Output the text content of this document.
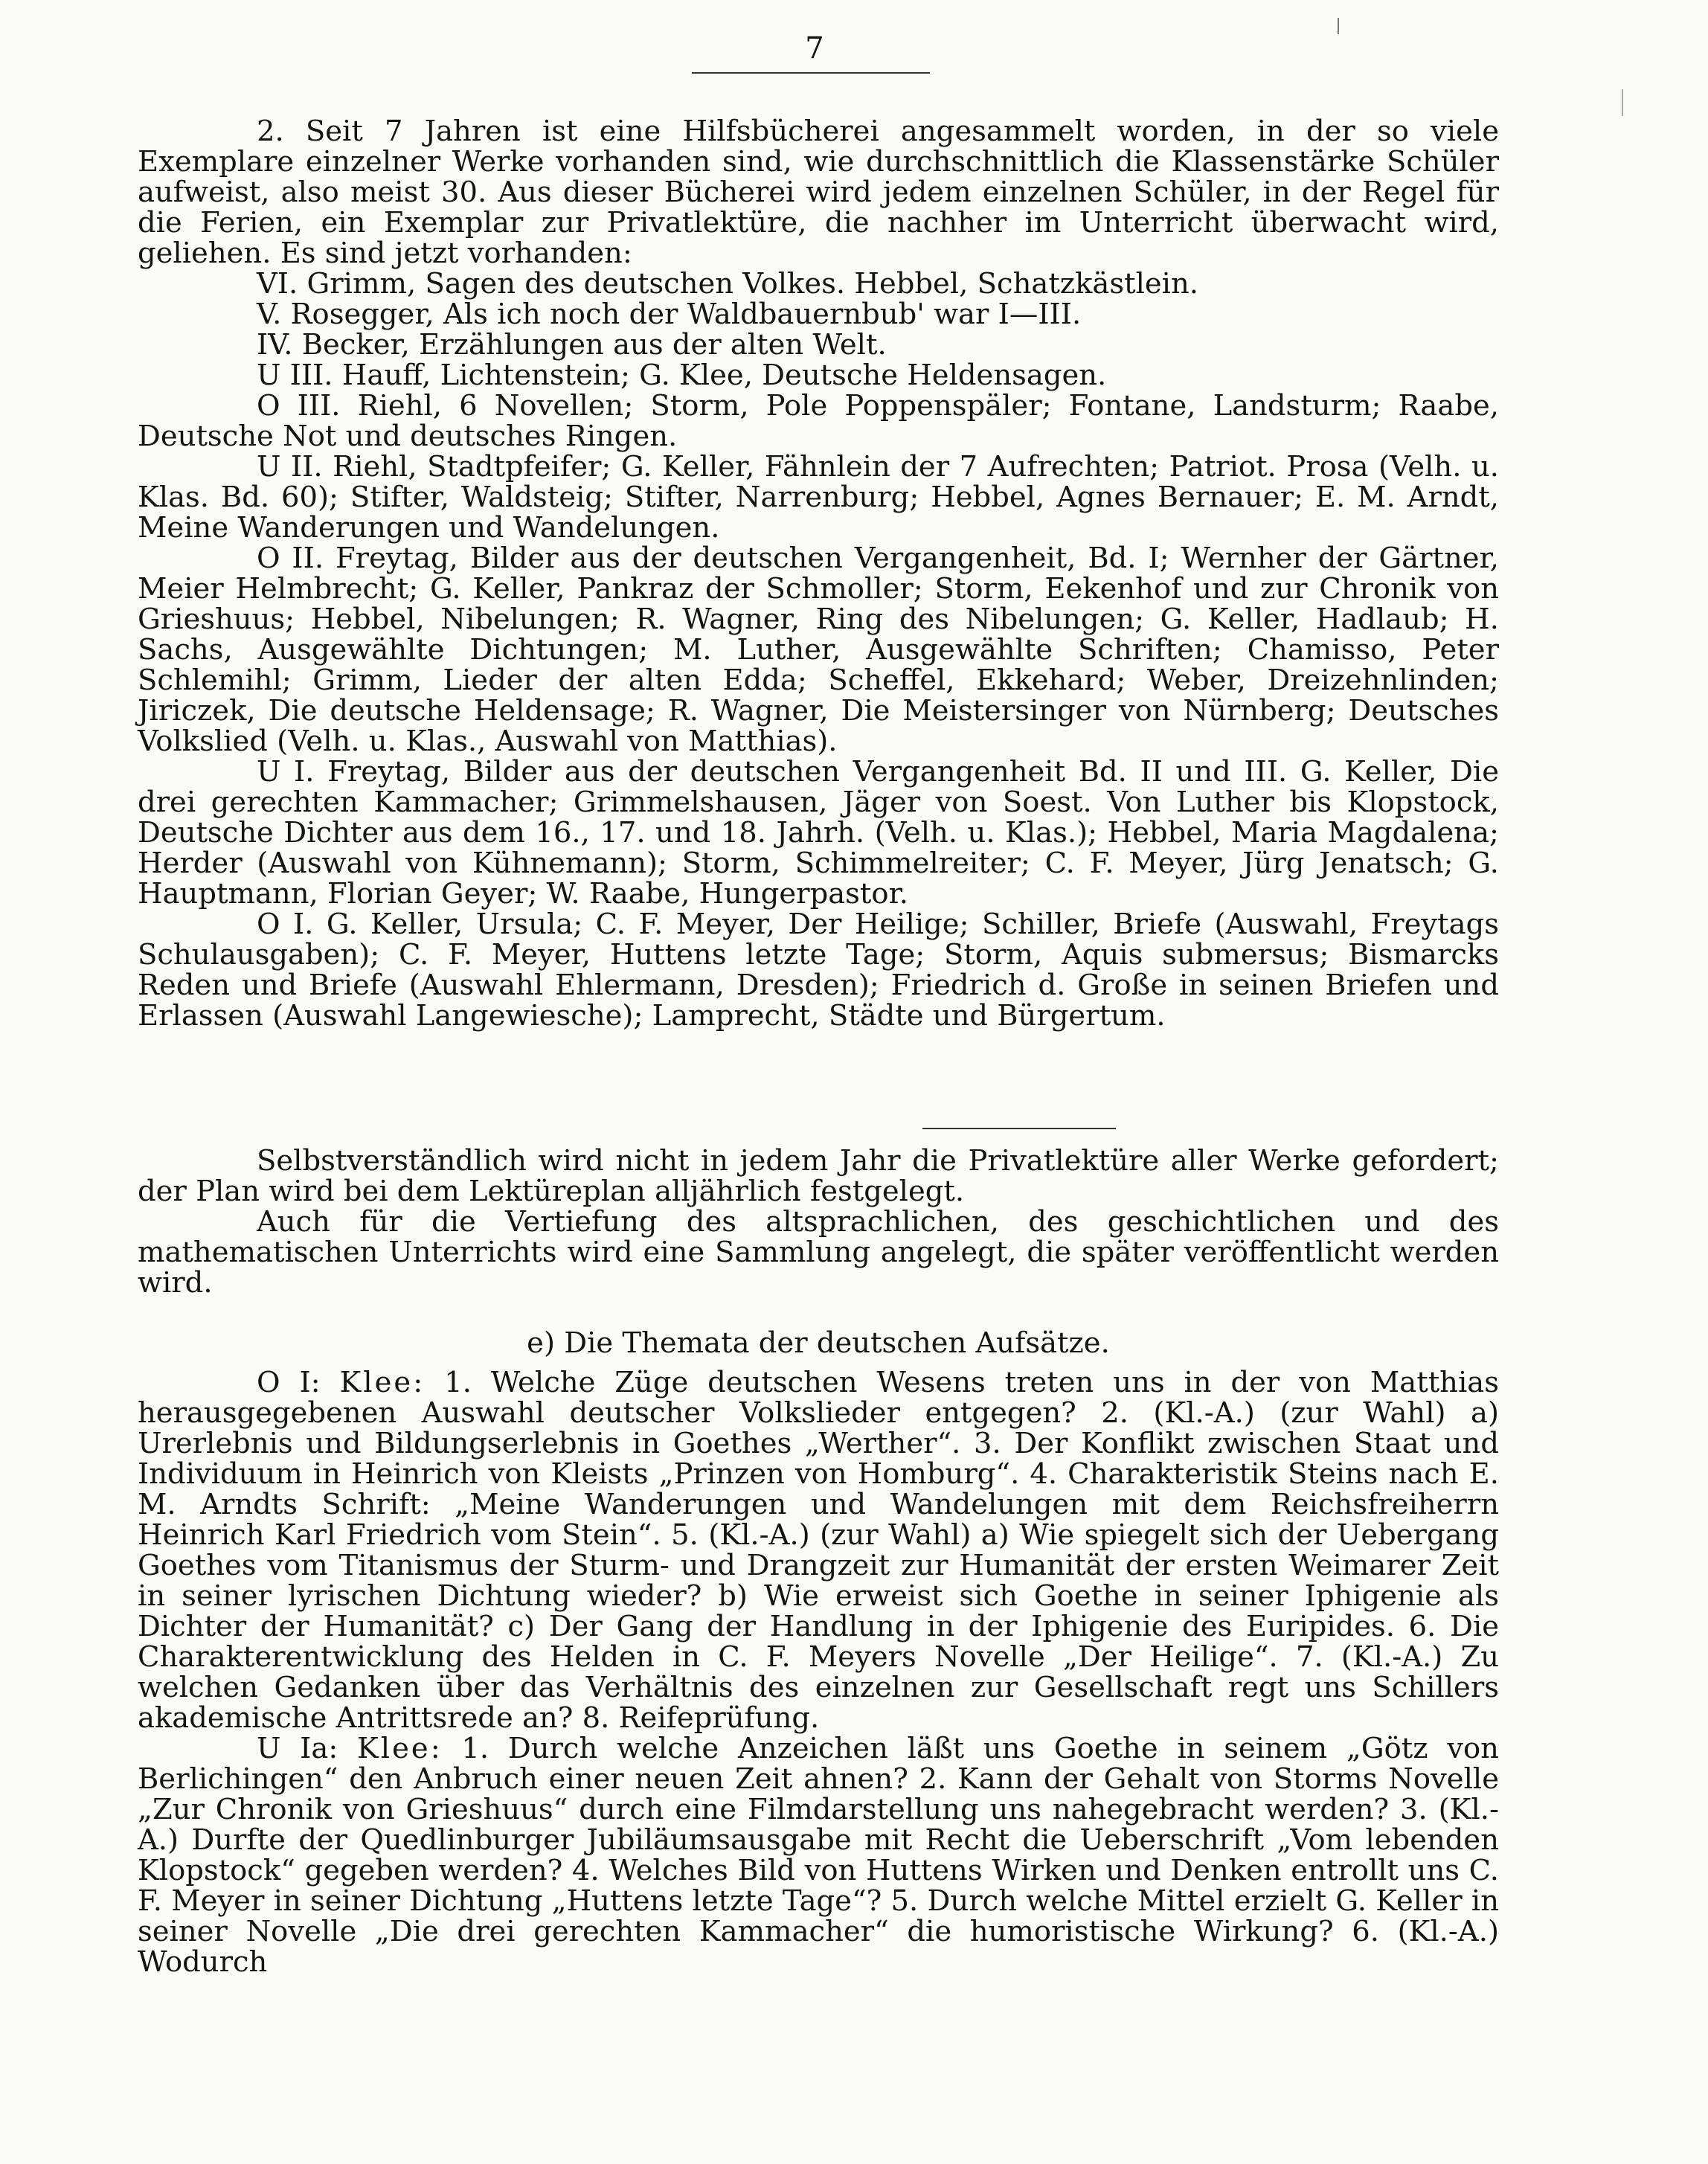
7

2. Seit 7 Jahren ist eine Hilfsbücherei angesammelt worden, in der so viele Exemplare einzelner Werke vorhanden sind, wie durchschnittlich die Klassenstärke Schüler aufweist, also meist 30. Aus dieser Bücherei wird jedem einzelnen Schüler, in der Regel für die Ferien, ein Exemplar zur Privatlektüre, die nachher im Unterricht überwacht wird, geliehen. Es sind jetzt vorhanden:

VI. Grimm, Sagen des deutschen Volkes. Hebbel, Schatzkästlein.

V. Rosegger, Als ich noch der Waldbauernbub' war I—III.

IV. Becker, Erzählungen aus der alten Welt.

U III. Hauff, Lichtenstein; G. Klee, Deutsche Heldensagen.

O III. Riehl, 6 Novellen; Storm, Pole Poppenspäler; Fontane, Landsturm; Raabe, Deutsche Not und deutsches Ringen.

U II. Riehl, Stadtpfeifer; G. Keller, Fähnlein der 7 Aufrechten; Patriot. Prosa (Velh. u. Klas. Bd. 60); Stifter, Waldsteig; Stifter, Narrenburg; Hebbel, Agnes Bernauer; E. M. Arndt, Meine Wanderungen und Wandelungen.

O II. Freytag, Bilder aus der deutschen Vergangenheit, Bd. I; Wernher der Gärtner, Meier Helmbrecht; G. Keller, Pankraz der Schmoller; Storm, Eekenhof und zur Chronik von Grieshuus; Hebbel, Nibelungen; R. Wagner, Ring des Nibelungen; G. Keller, Hadlaub; H. Sachs, Ausgewählte Dichtungen; M. Luther, Ausgewählte Schriften; Chamisso, Peter Schlemihl; Grimm, Lieder der alten Edda; Scheffel, Ekkehard; Weber, Dreizehnlinden; Jiriczek, Die deutsche Heldensage; R. Wagner, Die Meistersinger von Nürnberg; Deutsches Volkslied (Velh. u. Klas., Auswahl von Matthias).

U I. Freytag, Bilder aus der deutschen Vergangenheit Bd. II und III. G. Keller, Die drei gerechten Kammacher; Grimmelshausen, Jäger von Soest. Von Luther bis Klopstock, Deutsche Dichter aus dem 16., 17. und 18. Jahrh. (Velh. u. Klas.); Hebbel, Maria Magdalena; Herder (Auswahl von Kühnemann); Storm, Schimmelreiter; C. F. Meyer, Jürg Jenatsch; G. Hauptmann, Florian Geyer; W. Raabe, Hungerpastor.

O I. G. Keller, Ursula; C. F. Meyer, Der Heilige; Schiller, Briefe (Auswahl, Freytags Schulausgaben); C. F. Meyer, Huttens letzte Tage; Storm, Aquis submersus; Bismarcks Reden und Briefe (Auswahl Ehlermann, Dresden); Friedrich d. Große in seinen Briefen und Erlassen (Auswahl Langewiesche); Lamprecht, Städte und Bürgertum.

Selbstverständlich wird nicht in jedem Jahr die Privatlektüre aller Werke gefordert; der Plan wird bei dem Lektüreplan alljährlich festgelegt.

Auch für die Vertiefung des altsprachlichen, des geschichtlichen und des mathematischen Unterrichts wird eine Sammlung angelegt, die später veröffentlicht werden wird.

e) Die Themata der deutschen Aufsätze.

O I: Klee: 1. Welche Züge deutschen Wesens treten uns in der von Matthias herausgegebenen Auswahl deutscher Volkslieder entgegen? 2. (Kl.-A.) (zur Wahl) a) Urerlebnis und Bildungserlebnis in Goethes „Werther“. 3. Der Konflikt zwischen Staat und Individuum in Heinrich von Kleists „Prinzen von Homburg“. 4. Charakteristik Steins nach E. M. Arndts Schrift: „Meine Wanderungen und Wandelungen mit dem Reichsfreiherrn Heinrich Karl Friedrich vom Stein“. 5. (Kl.-A.) (zur Wahl) a) Wie spiegelt sich der Uebergang Goethes vom Titanismus der Sturm- und Drangzeit zur Humanität der ersten Weimarer Zeit in seiner lyrischen Dichtung wieder? b) Wie erweist sich Goethe in seiner Iphigenie als Dichter der Humanität? c) Der Gang der Handlung in der Iphigenie des Euripides. 6. Die Charakterentwicklung des Helden in C. F. Meyers Novelle „Der Heilige“. 7. (Kl.-A.) Zu welchen Gedanken über das Verhältnis des einzelnen zur Gesellschaft regt uns Schillers akademische Antrittsrede an? 8. Reifeprüfung.

U Ia: Klee: 1. Durch welche Anzeichen läßt uns Goethe in seinem „Götz von Berlichingen“ den Anbruch einer neuen Zeit ahnen? 2. Kann der Gehalt von Storms Novelle „Zur Chronik von Grieshuus“ durch eine Filmdarstellung uns nahegebracht werden? 3. (Kl.-A.) Durfte der Quedlinburger Jubiläumsausgabe mit Recht die Ueberschrift „Vom lebenden Klopstock“ gegeben werden? 4. Welches Bild von Huttens Wirken und Denken entrollt uns C. F. Meyer in seiner Dichtung „Huttens letzte Tage“? 5. Durch welche Mittel erzielt G. Keller in seiner Novelle „Die drei gerechten Kammacher“ die humoristische Wirkung? 6. (Kl.-A.) Wodurch
